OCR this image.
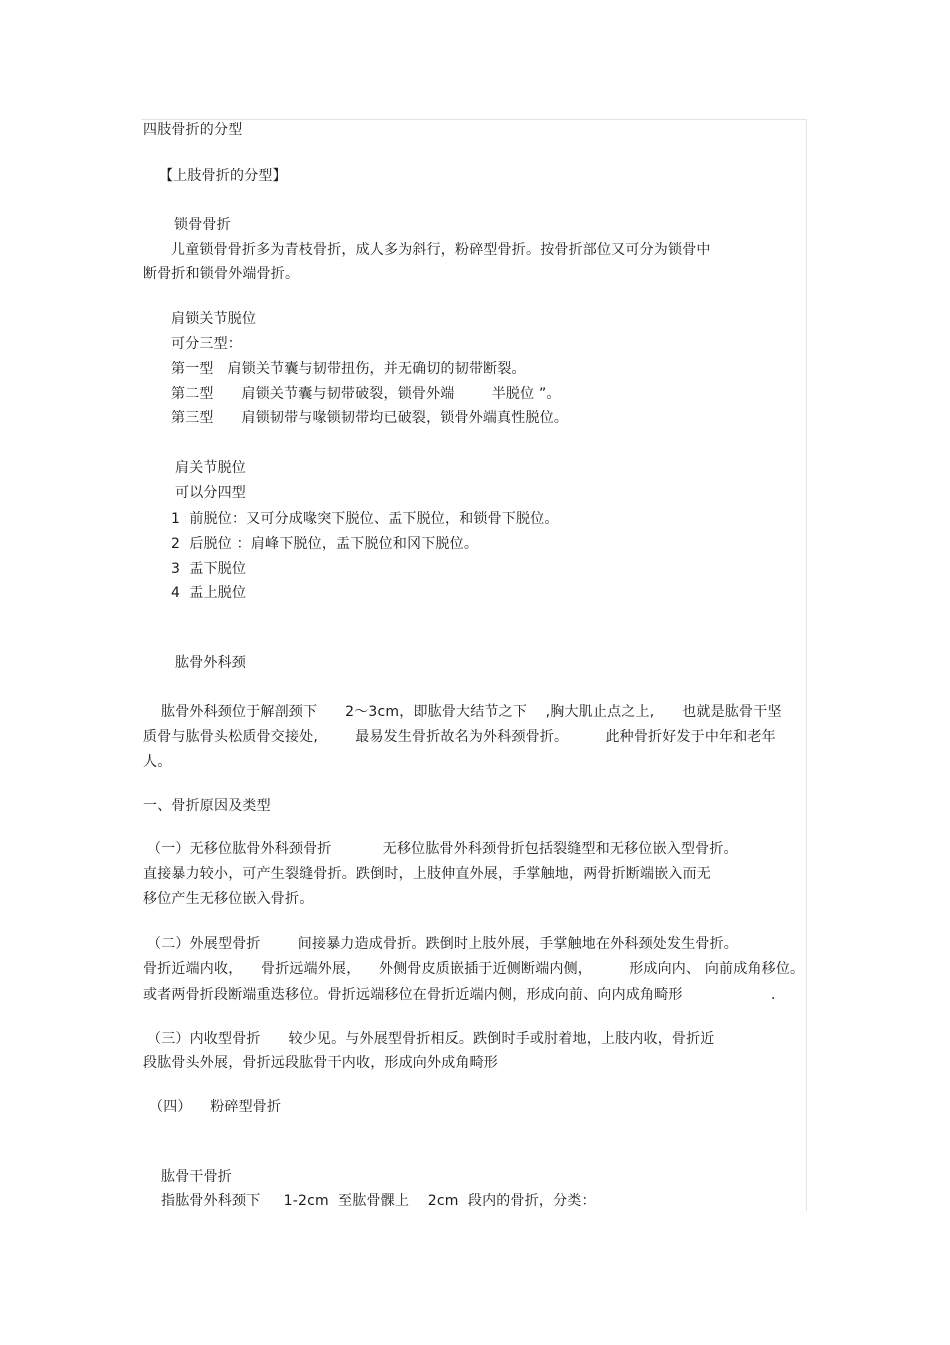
四肢骨折的分型
【上肢骨折的分型】
锁骨骨折
儿童锁骨骨折多为青枝骨折，成人多为斜行，粉碎型骨折。按骨折部位又可分为锁骨中
断骨折和锁骨外端骨折。
肩锁关节脱位
可分三型：
第一型   肩锁关节囊与韧带扭伤，并无确切的韧带断裂。
第二型      肩锁关节囊与韧带破裂，锁骨外端        半脱位 ”。
第三型      肩锁韧带与喙锁韧带均已破裂，锁骨外端真性脱位。
肩关节脱位
可以分四型
1  前脱位：又可分成喙突下脱位、盂下脱位，和锁骨下脱位。
2  后脱位 ：肩峰下脱位，盂下脱位和冈下脱位。
3  盂下脱位
4  盂上脱位
肱骨外科颈
肱骨外科颈位于解剖颈下      2～3cm，即肱骨大结节之下    ,胸大肌止点之上,      也就是肱骨干坚
质骨与肱骨头松质骨交接处,        最易发生骨折故名为外科颈骨折。        此种骨折好发于中年和老年
人。
一、骨折原因及类型
（一）无移位肱骨外科颈骨折           无移位肱骨外科颈骨折包括裂缝型和无移位嵌入型骨折。
直接暴力较小，可产生裂缝骨折。跌倒时，上肢伸直外展，手掌触地，两骨折断端嵌入而无
移位产生无移位嵌入骨折。
（二）外展型骨折        间接暴力造成骨折。跌倒时上肢外展，手掌触地在外科颈处发生骨折。
骨折近端内收，    骨折远端外展，    外侧骨皮质嵌插于近侧断端内侧，        形成向内、 向前成角移位。
或者两骨折段断端重迭移位。骨折远端移位在骨折近端内侧，形成向前、向内成角畸形                   .
（三）内收型骨折      较少见。与外展型骨折相反。跌倒时手或肘着地，上肢内收，骨折近
段肱骨头外展，骨折远段肱骨干内收，形成向外成角畸形
（四）    粉碎型骨折
肱骨干骨折
指肱骨外科颈下     1-2cm  至肱骨髁上    2cm  段内的骨折，分类：
